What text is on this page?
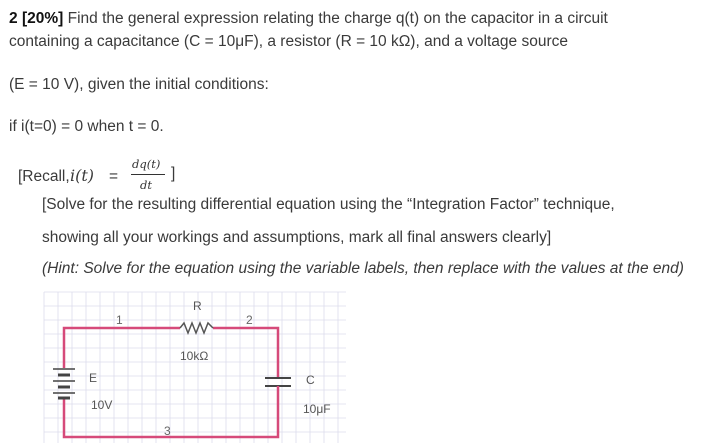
2 [20%] Find the general expression relating the charge q(t) on the capacitor in a circuit
containing a capacitance (C = 10μF), a resistor (R = 10 kΩ), and a voltage source
(E = 10 V), given the initial conditions:
if i(t=0) = 0 when t = 0.
[Recall, i(t) =
dq(t)
dt
]
[Solve for the resulting differential equation using the “Integration Factor” technique,
showing all your workings and assumptions, mark all final answers clearly]
(Hint: Solve for the equation using the variable labels, then replace with the values at the end)
1	2
3
R
10kΩ
E
10V
C
10μF
